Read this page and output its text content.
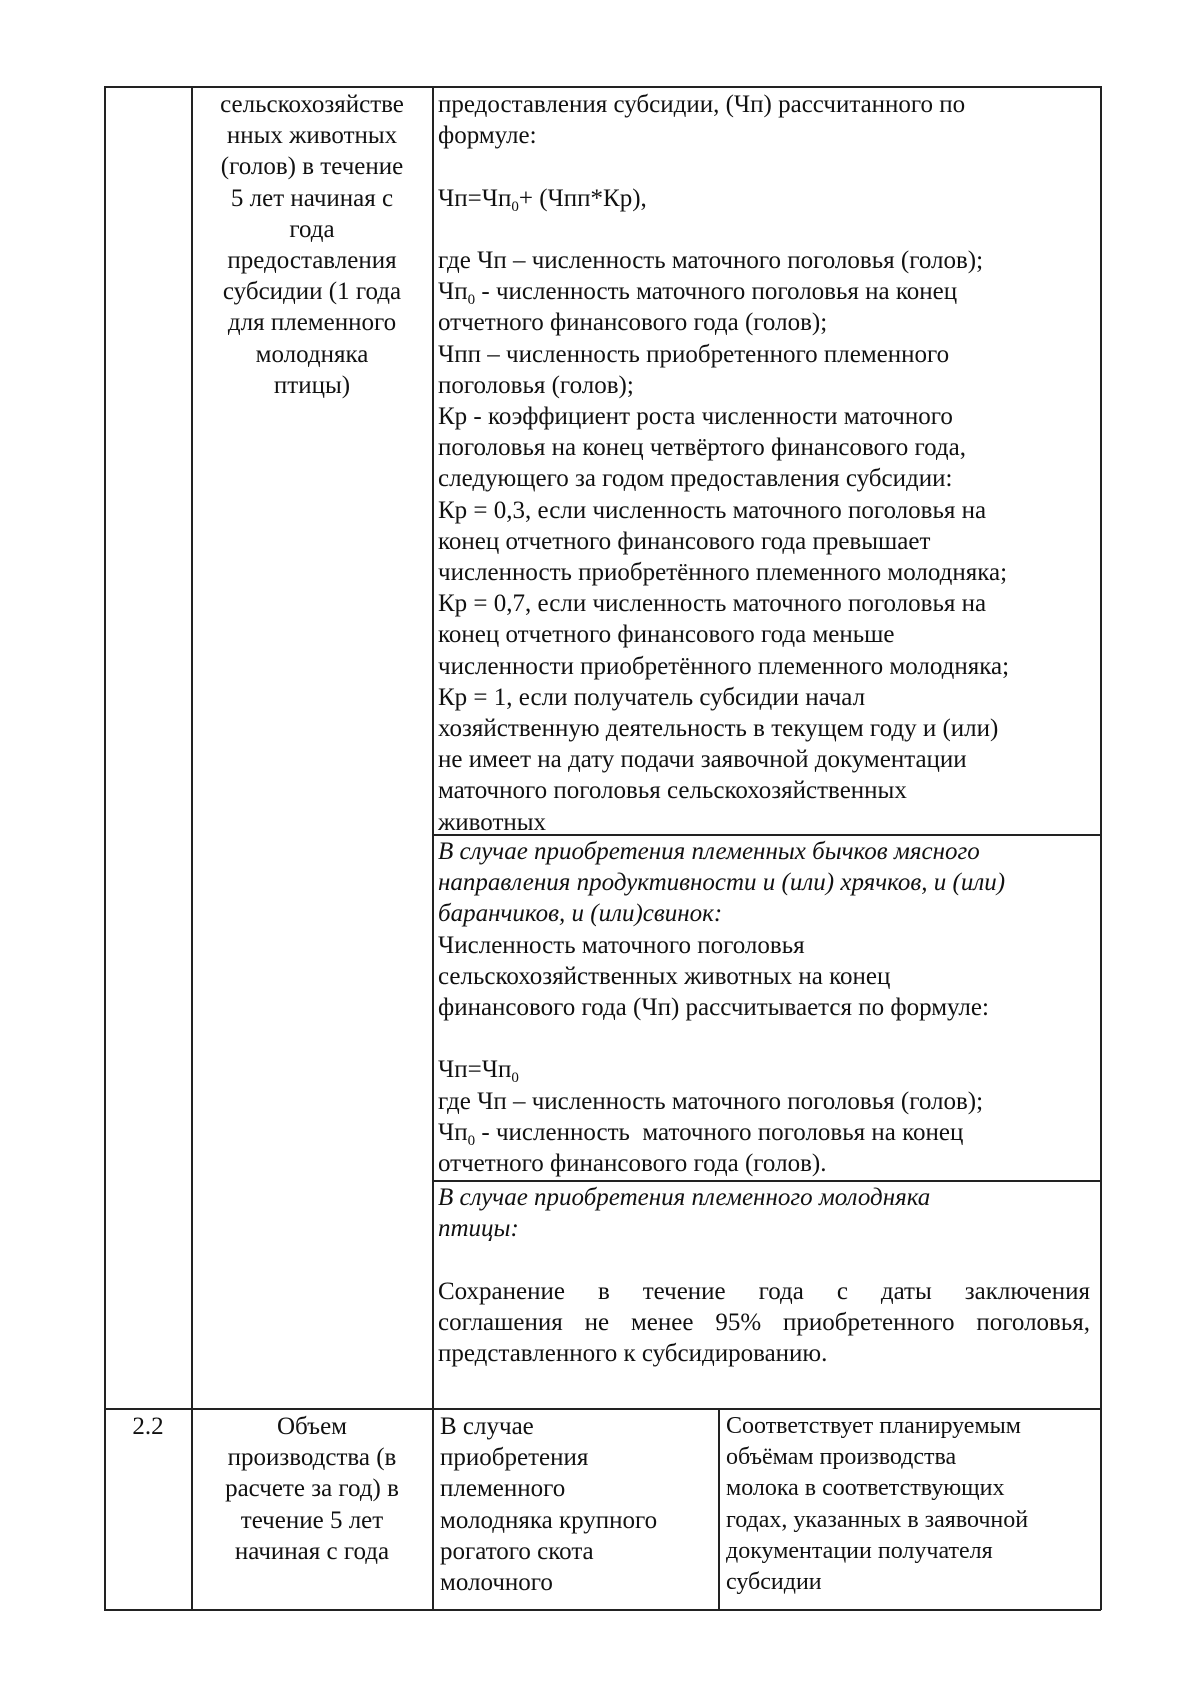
сельскохозяйстве
нных животных
(голов) в течение
5 лет начиная с
года
предоставления
субсидии (1 года
для племенного
молодняка
птицы)
предоставления субсидии, (Чп) рассчитанного по
формуле:

$Чп=Чп_0+ (Чпп*Кр)$,

где Чп – численность маточного поголовья (голов);
$Чп_0$ - численность маточного поголовья на конец
отчетного финансового года (голов);
Чпп – численность приобретенного племенного
поголовья (голов);
Кр - коэффициент роста численности маточного
поголовья на конец четвёртого финансового года,
следующего за годом предоставления субсидии:
Кр = 0,3, если численность маточного поголовья на
конец отчетного финансового года превышает
численность приобретённого племенного молодняка;
Кр = 0,7, если численность маточного поголовья на
конец отчетного финансового года меньше
численности приобретённого племенного молодняка;
Кр = 1, если получатель субсидии начал
хозяйственную деятельность в текущем году и (или)
не имеет на дату подачи заявочной документации
маточного поголовья сельскохозяйственных
животных
В случае приобретения племенных бычков мясного
направления продуктивности и (или) хрячков, и (или)
баранчиков, и (или)свинок:
Численность маточного поголовья
сельскохозяйственных животных на конец
финансового года (Чп) рассчитывается по формуле:

$Чп=Чп_0$
где Чп – численность маточного поголовья (голов);
$Чп_0$ - численность  маточного поголовья на конец
отчетного финансового года (голов).
В случае приобретения племенного молодняка
птицы:

Сохранение в течение года с даты заключения
соглашения не менее 95% приобретенного поголовья,
представленного к субсидированию.
2.2	Объем
производства (в
расчете за год) в
течение 5 лет
начиная с года
В случае
приобретения
племенного
молодняка крупного
рогатого скота
молочного
Соответствует планируемым
объёмам производства
молока в соответствующих
годах, указанных в заявочной
документации получателя
субсидии
